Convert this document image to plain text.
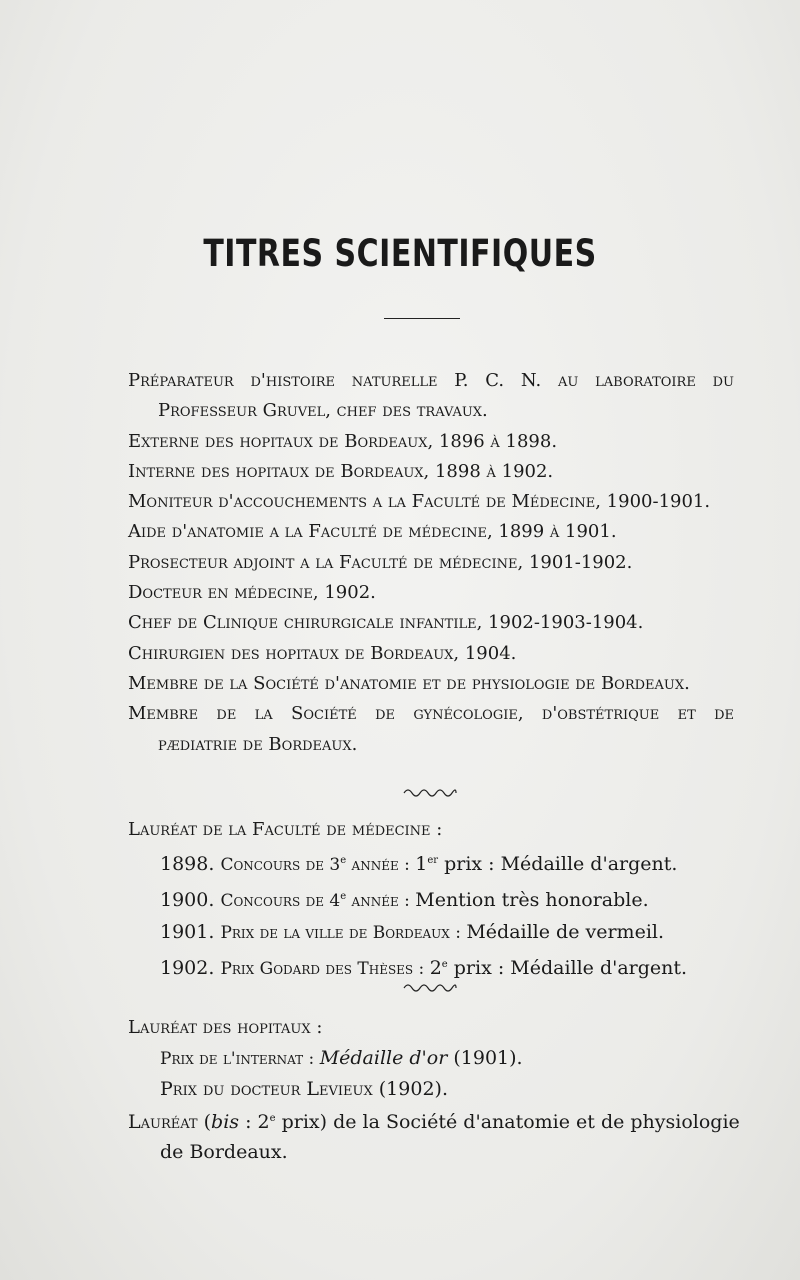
TITRES SCIENTIFIQUES

Préparateur d'histoire naturelle P. C. N. au laboratoire du

Professeur Gruvel, chef des travaux.

Externe des hopitaux de Bordeaux, 1896 à 1898.

Interne des hopitaux de Bordeaux, 1898 à 1902.

Moniteur d'accouchements a la Faculté de Médecine, 1900-1901.

Aide d'anatomie a la Faculté de médecine, 1899 à 1901.

Prosecteur adjoint a la Faculté de médecine, 1901-1902.

Docteur en médecine, 1902.

Chef de Clinique chirurgicale infantile, 1902-1903-1904.

Chirurgien des hopitaux de Bordeaux, 1904.

Membre de la Société d'anatomie et de physiologie de Bordeaux.

Membre de la Société de gynécologie, d'obstétrique et de

pædiatrie de Bordeaux.

Lauréat de la Faculté de médecine :

1898. Concours de 3e année : 1er prix : Médaille d'argent.

1900. Concours de 4e année : Mention très honorable.

1901. Prix de la ville de Bordeaux : Médaille de vermeil.

1902. Prix Godard des Thèses : 2e prix : Médaille d'argent.

Lauréat des hopitaux :

Prix de l'internat : Médaille d'or (1901).

Prix du docteur Levieux (1902).

Lauréat (bis : 2e prix) de la Société d'anatomie et de physiologie

de Bordeaux.
